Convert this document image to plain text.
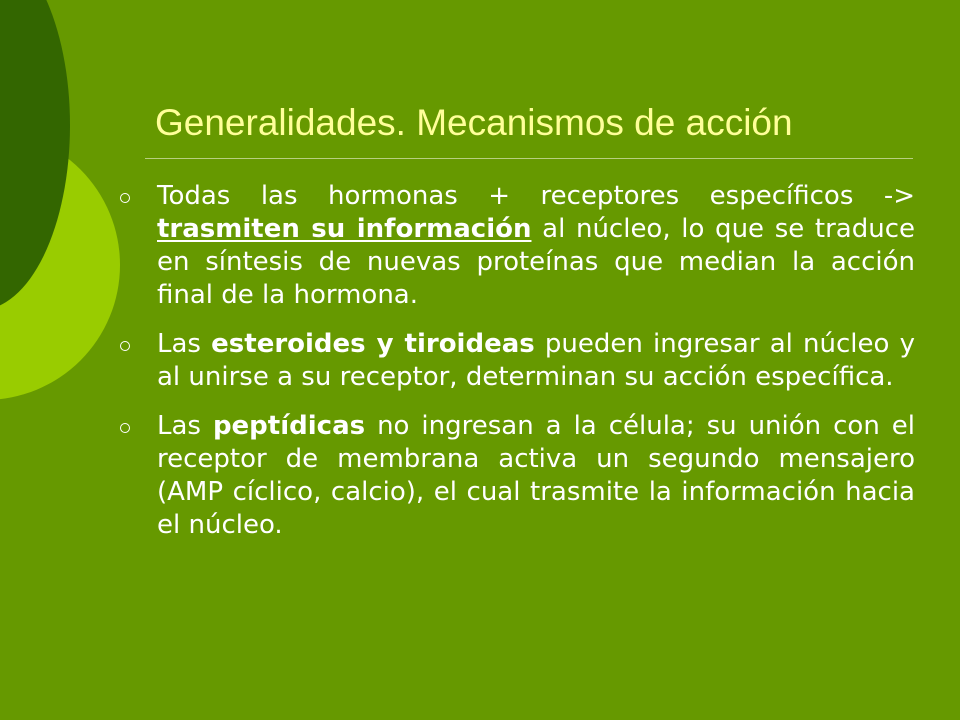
Generalidades. Mecanismos de acción

Todas las hormonas + receptores específicos -> trasmiten su información al núcleo, lo que se traduce en síntesis de nuevas proteínas que median la acción final de la hormona.

Las esteroides y tiroideas pueden ingresar al núcleo y al unirse a su receptor, determinan su acción específica.

Las peptídicas no ingresan a la célula; su unión con el receptor de membrana activa un segundo mensajero (AMP cíclico, calcio), el cual trasmite la información hacia el núcleo.
